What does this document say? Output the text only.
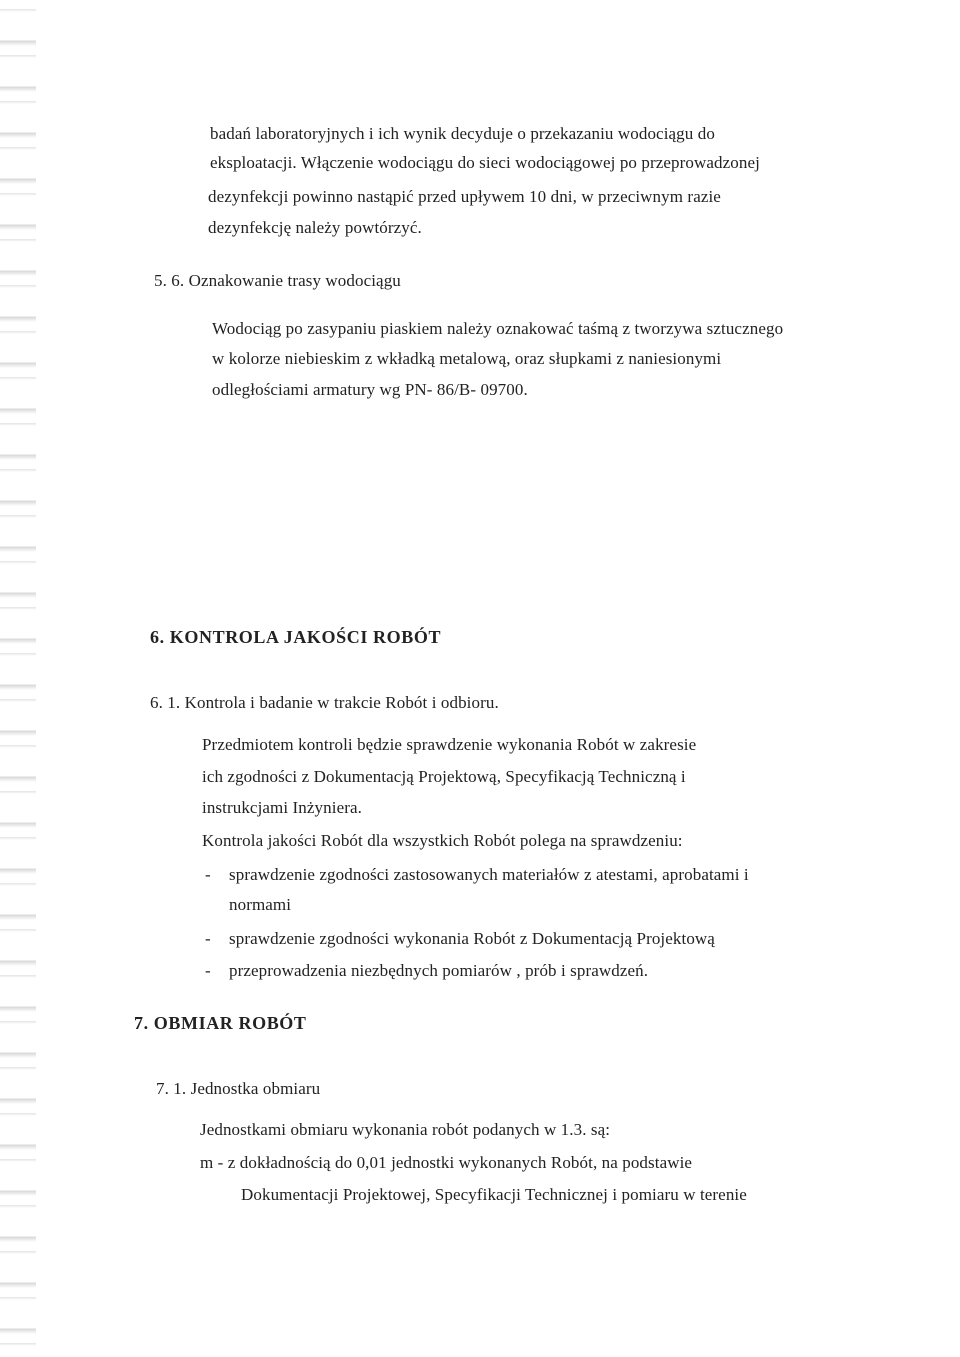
badań laboratoryjnych i ich wynik decyduje o przekazaniu wodociągu do
eksploatacji. Włączenie wodociągu do sieci wodociągowej po przeprowadzonej
dezynfekcji powinno nastąpić przed upływem 10 dni, w przeciwnym razie
dezynfekcję należy powtórzyć.
5. 6. Oznakowanie trasy wodociągu
Wodociąg po zasypaniu piaskiem należy oznakować taśmą z tworzywa sztucznego
w kolorze niebieskim z wkładką metalową, oraz słupkami z naniesionymi
odległościami armatury wg PN- 86/B- 09700.
6. KONTROLA JAKOŚCI ROBÓT
6. 1. Kontrola i badanie w trakcie Robót i odbioru.
Przedmiotem kontroli będzie sprawdzenie wykonania Robót w zakresie
ich zgodności z Dokumentacją Projektową, Specyfikacją Techniczną i
instrukcjami Inżyniera.
Kontrola jakości Robót dla wszystkich Robót polega na sprawdzeniu:
- sprawdzenie zgodności zastosowanych materiałów z atestami, aprobatami i
normami
- sprawdzenie zgodności wykonania Robót z Dokumentacją Projektową
- przeprowadzenia niezbędnych pomiarów , prób i sprawdzeń.
7. OBMIAR ROBÓT
7. 1. Jednostka obmiaru
Jednostkami obmiaru wykonania robót podanych w 1.3. są:
m - z dokładnością do 0,01 jednostki wykonanych Robót, na podstawie
Dokumentacji Projektowej, Specyfikacji Technicznej i pomiaru w terenie
